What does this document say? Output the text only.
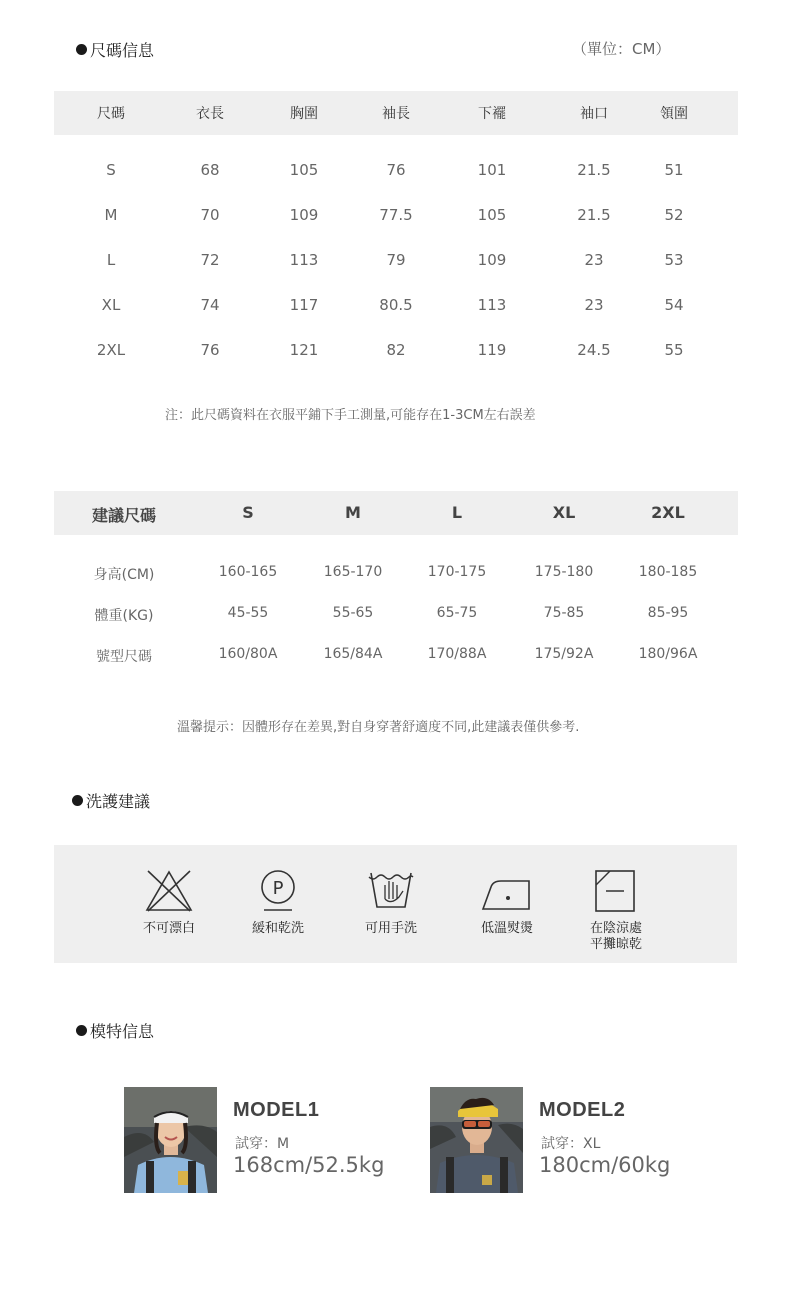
尺碼信息	（單位：CM）
尺碼	衣長	胸圍	袖長	下襬	袖口	領圍
S	68	105	76	101	21.5	51
M	70	109	77.5	105	21.5	52
L	72	113	79	109	23	53
XL	74	117	80.5	113	23	54
2XL	76	121	82	119	24.5	55
注：此尺碼資料在衣服平鋪下手工測量,可能存在1-3CM左右誤差
建議尺碼	S	M	L	XL	2XL
身高(CM)	160-165	165-170	170-175	175-180	180-185
體重(KG)	45-55	55-65	65-75	75-85	85-95
號型尺碼	160/80A	165/84A	170/88A	175/92A	180/96A
溫馨提示：因體形存在差異,對自身穿著舒適度不同,此建議表僅供參考.
洗護建議
不可漂白
P
緩和乾洗	可用手洗	低溫熨燙	在陰涼處
平攤晾乾
模特信息
MODEL1
試穿：M
168cm/52.5kg
MODEL2
試穿：XL
180cm/60kg
